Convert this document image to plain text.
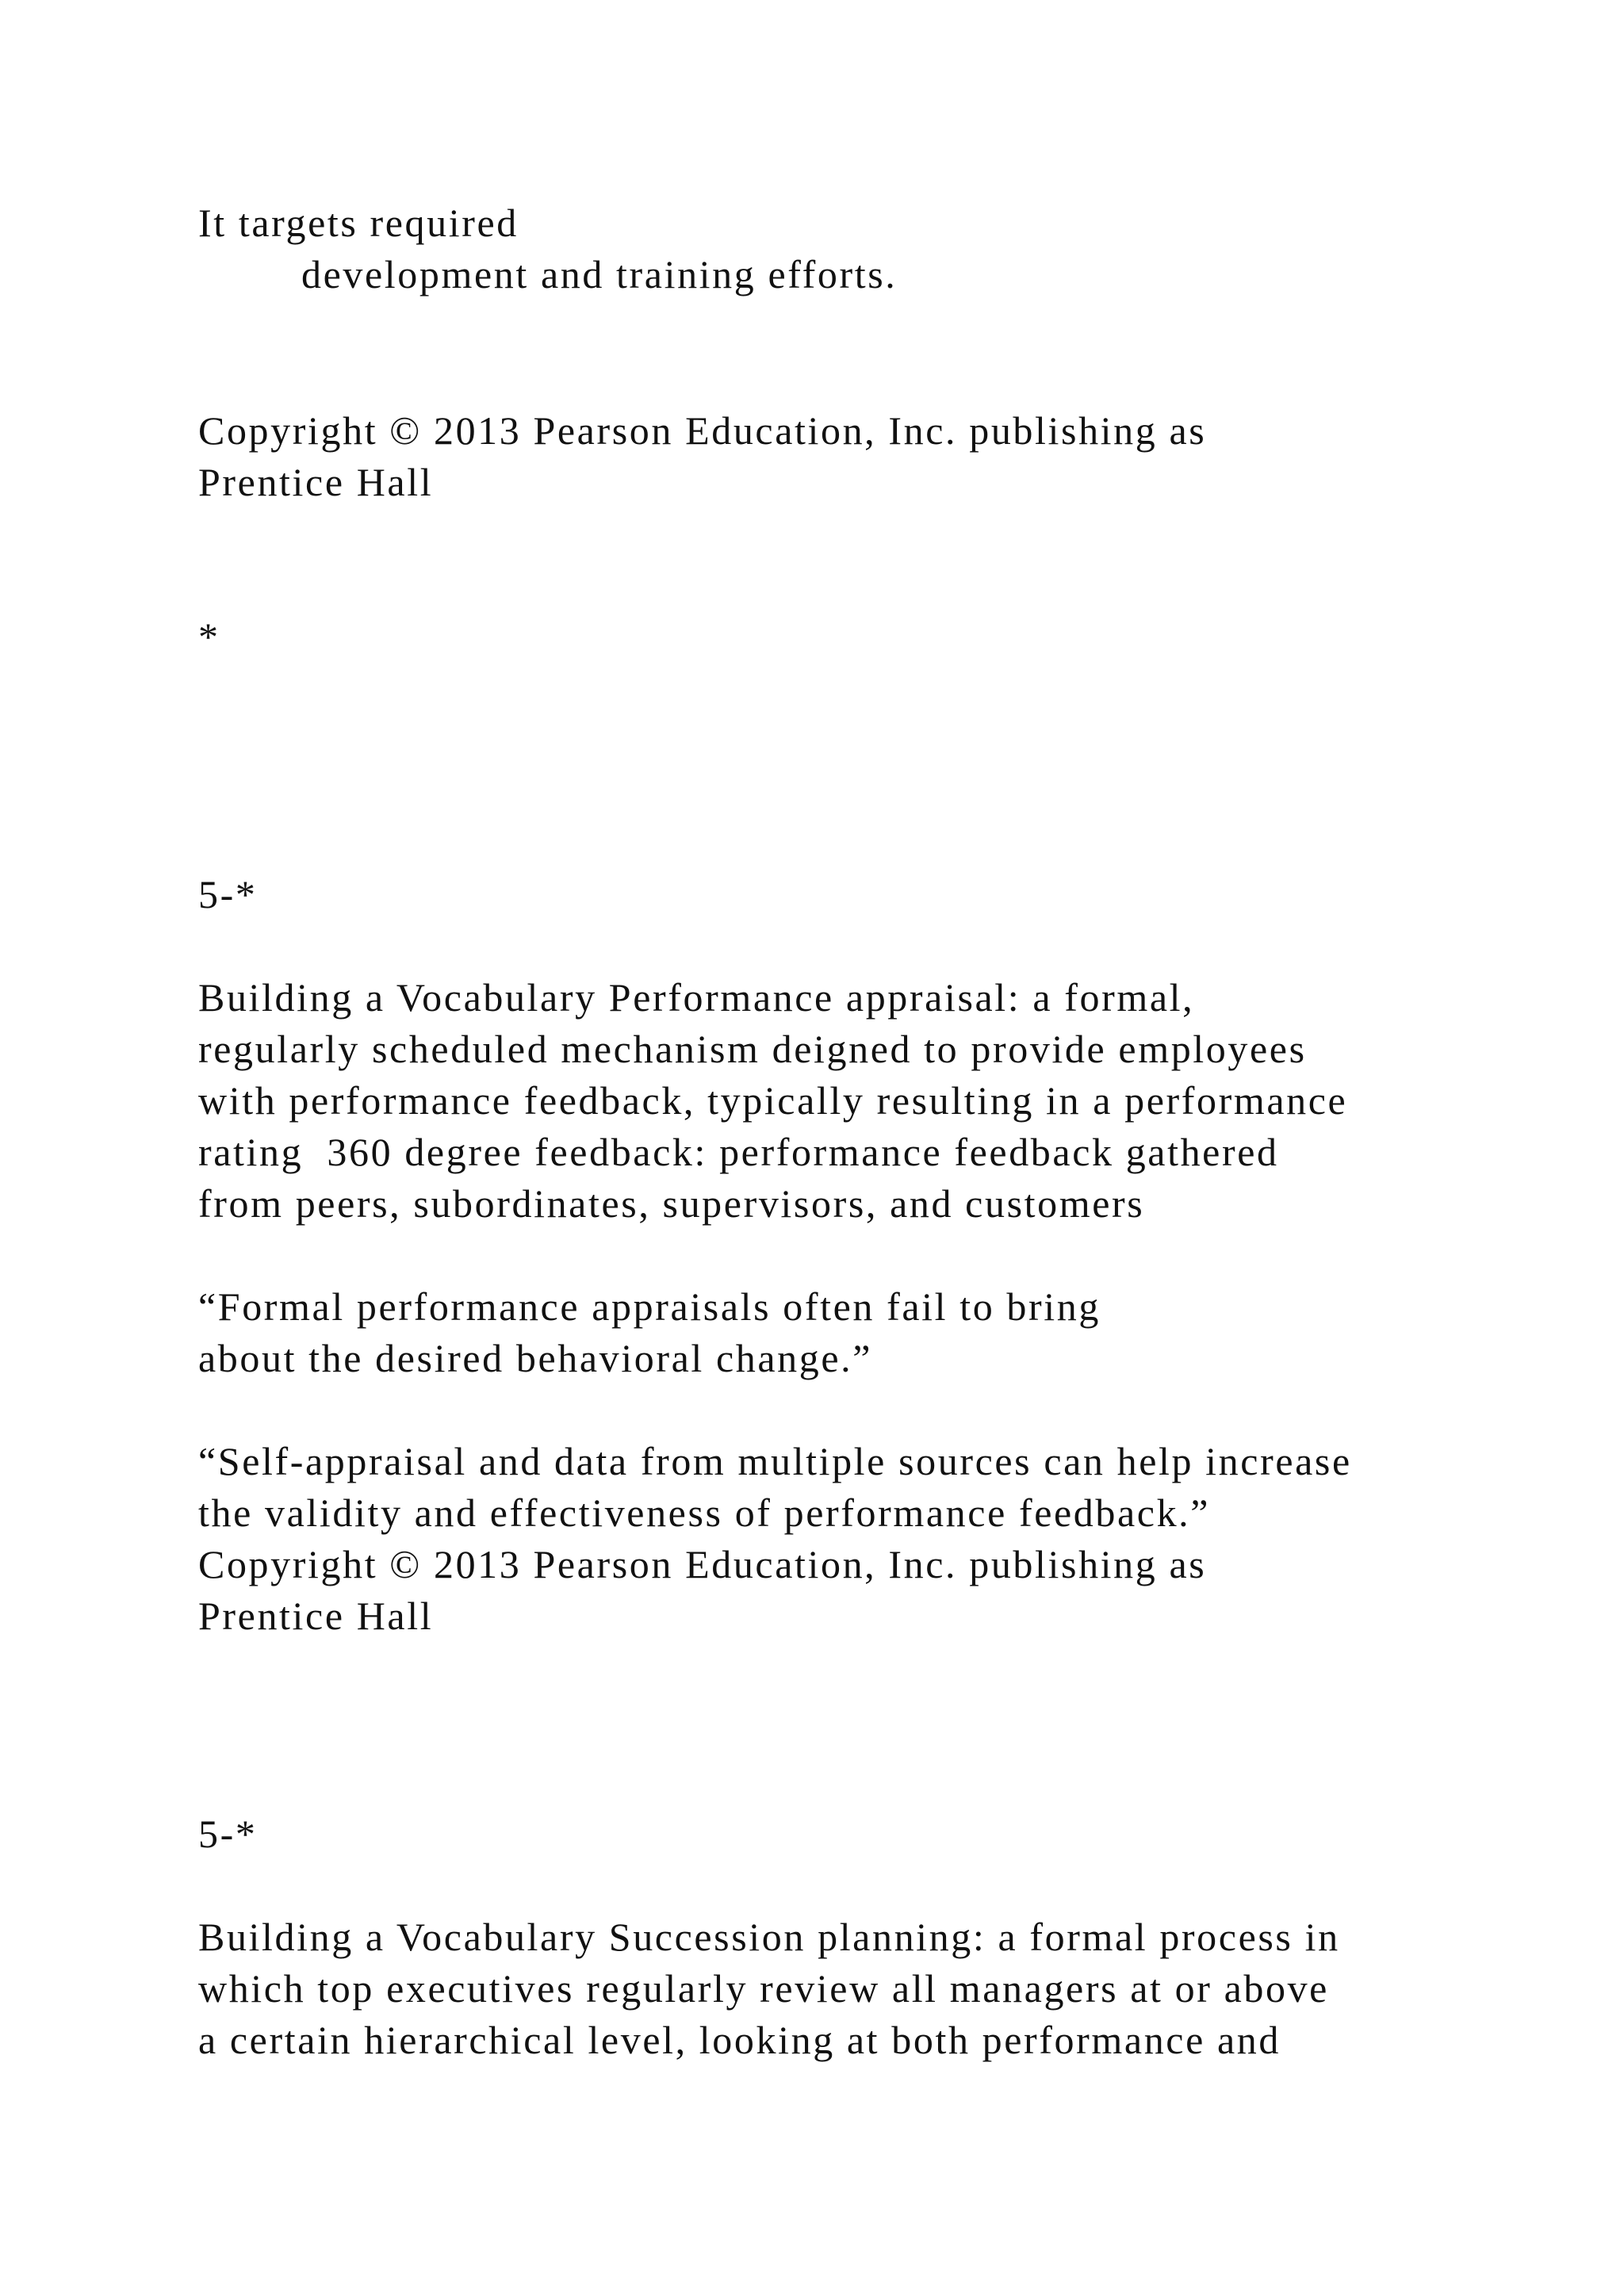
It targets required

development and training efforts.

Copyright © 2013 Pearson Education, Inc. publishing as

Prentice Hall

*

5-*

Building a Vocabulary Performance appraisal: a formal,

regularly scheduled mechanism deigned to provide employees

with performance feedback, typically resulting in a performance

rating  360 degree feedback: performance feedback gathered

from peers, subordinates, supervisors, and customers

“Formal performance appraisals often fail to bring

about the desired behavioral change.”

“Self-appraisal and data from multiple sources can help increase

the validity and effectiveness of performance feedback.”

Copyright © 2013 Pearson Education, Inc. publishing as

Prentice Hall

5-*

Building a Vocabulary Succession planning: a formal process in

which top executives regularly review all managers at or above

a certain hierarchical level, looking at both performance and
